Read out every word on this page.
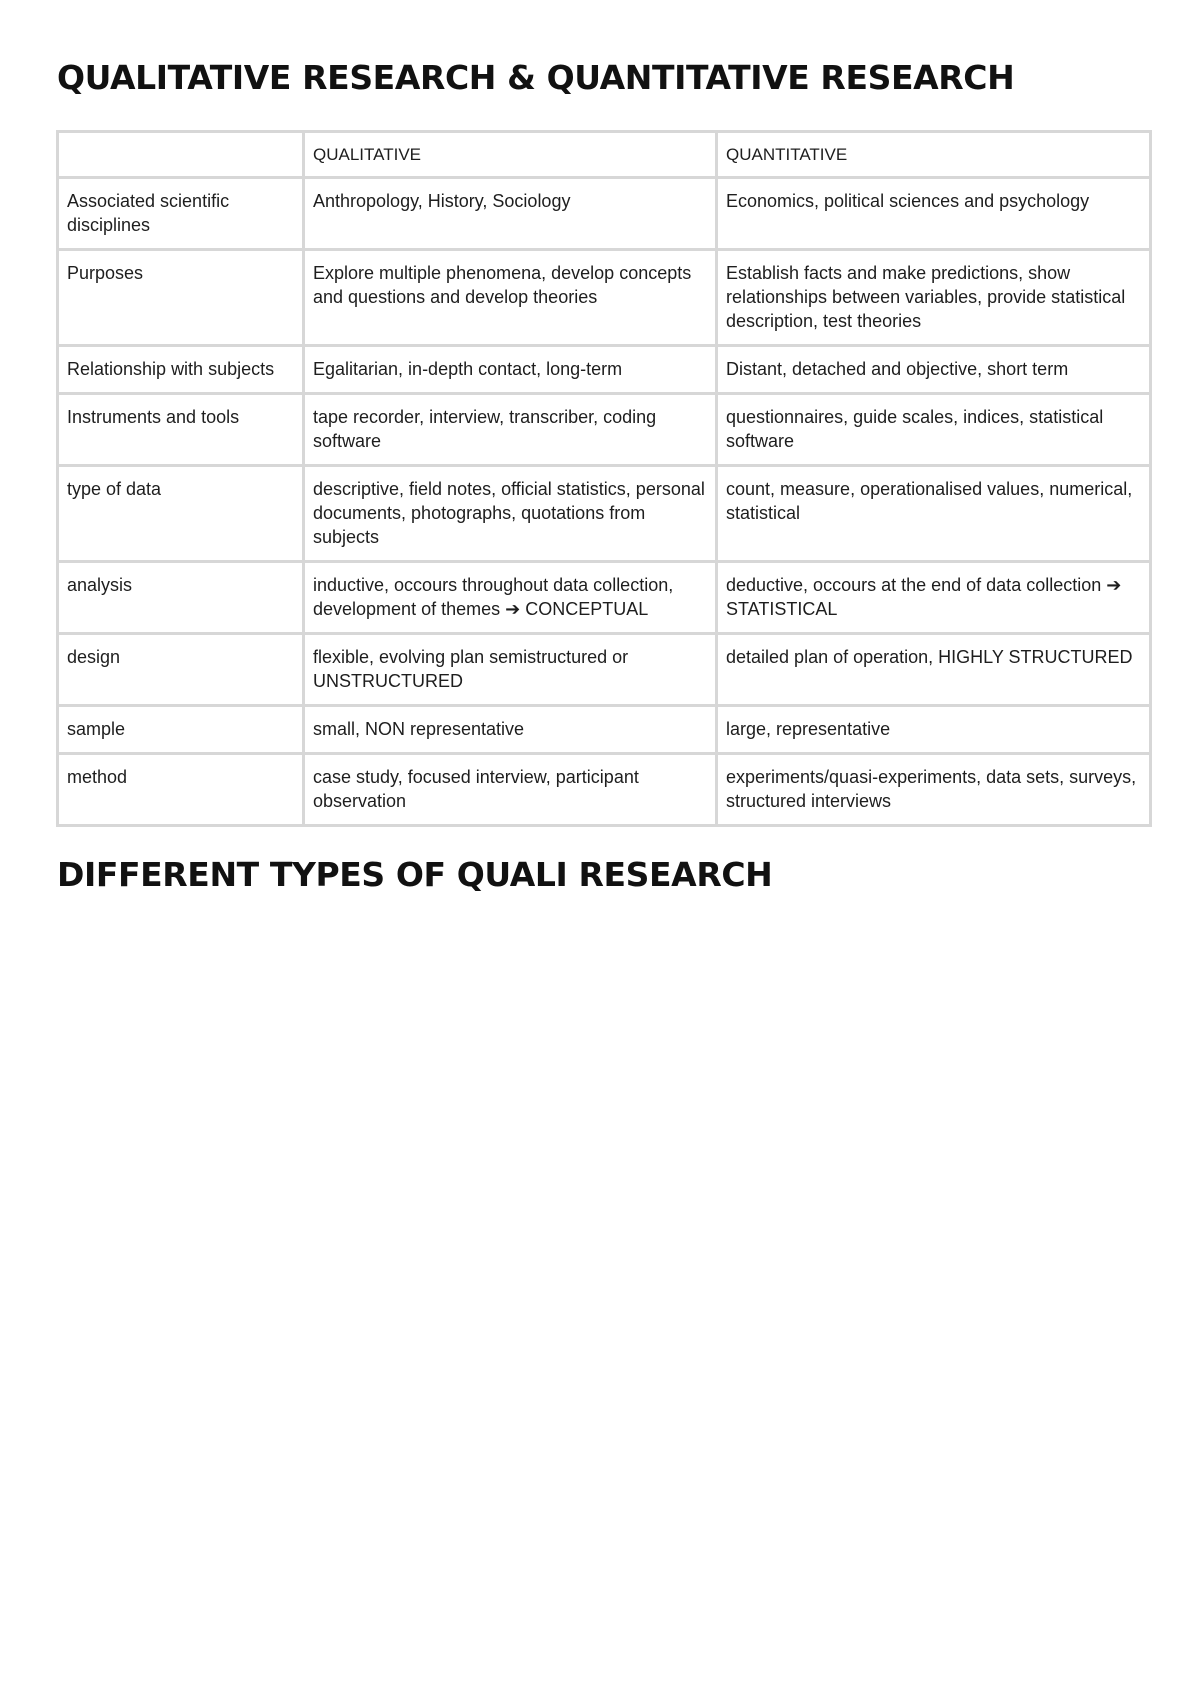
QUALITATIVE RESEARCH & QUANTITATIVE RESEARCH
	QUALITATIVE	QUANTITATIVE
Associated scientific disciplines	Anthropology, History, Sociology	Economics, political sciences and psychology
Purposes	Explore multiple phenomena, develop concepts and questions and develop theories	Establish facts and make predictions, show relationships between variables, provide statistical description, test theories
Relationship with subjects	Egalitarian, in-depth contact, long-term	Distant, detached and objective, short term
Instruments and tools	tape recorder, interview, transcriber, coding software	questionnaires, guide scales, indices, statistical software
type of data	descriptive, field notes, official statistics, personal documents, photographs, quotations from subjects	count, measure, operationalised values, numerical, statistical
analysis	inductive, occours throughout data collection, development of themes ➔ CONCEPTUAL	deductive, occours at the end of data collection ➔ STATISTICAL
design	flexible, evolving plan semistructured or UNSTRUCTURED	detailed plan of operation, HIGHLY STRUCTURED
sample	small, NON representative	large, representative
method	case study, focused interview, participant observation	experiments/quasi-experiments, data sets, surveys, structured interviews
DIFFERENT TYPES OF QUALI RESEARCH
